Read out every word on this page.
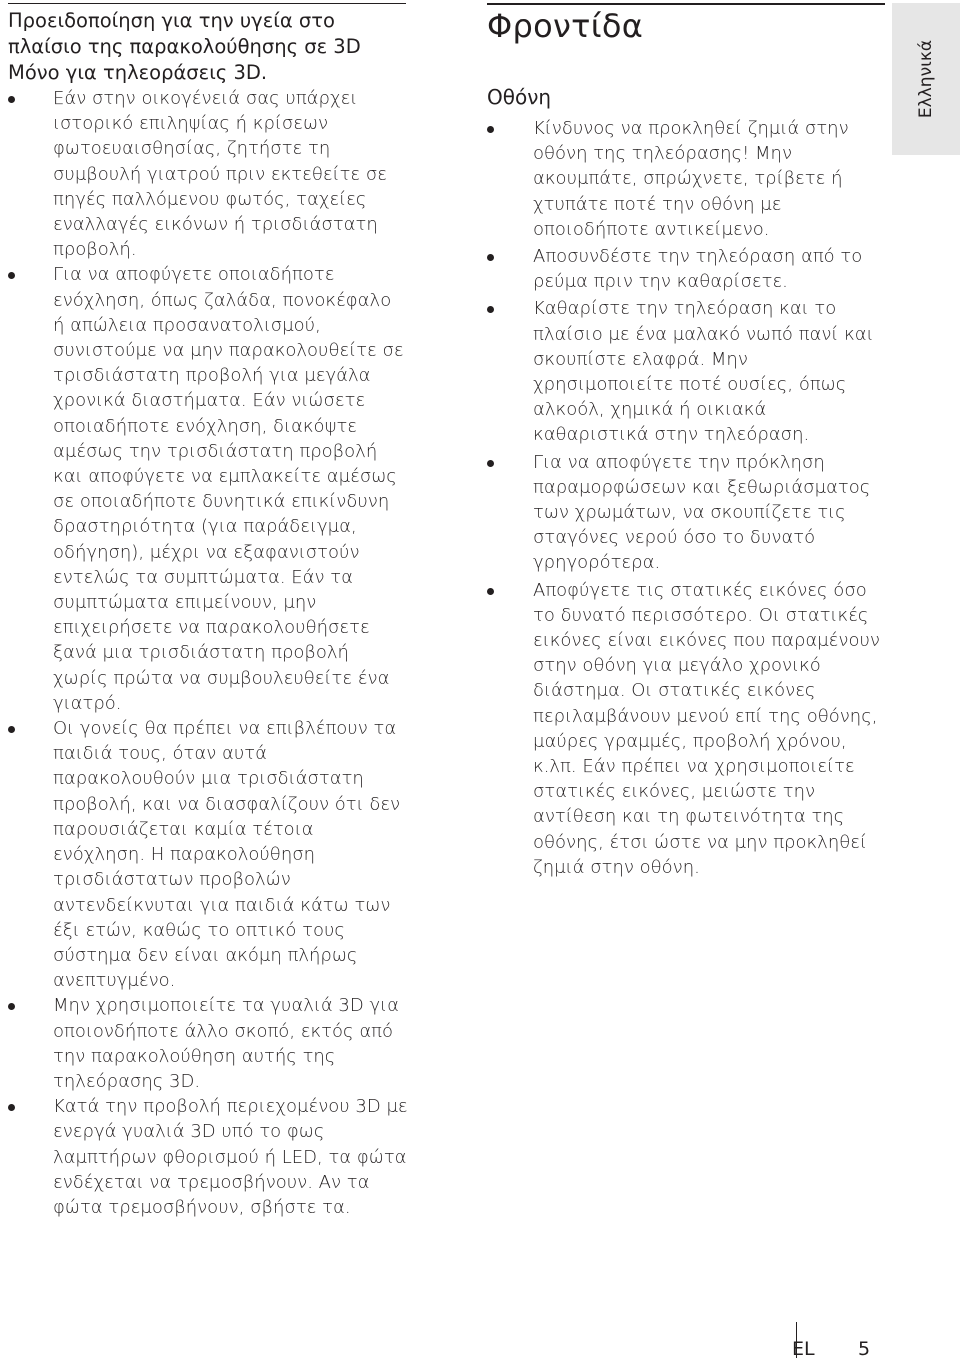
Προειδοποίηση για την υγεία στο πλαίσιο της παρακολούθησης σε 3D

Μόνο για τηλεοράσεις 3D.

Εάν στην οικογένειά σας υπάρχει ιστορικό επιληψίας ή κρίσεων φωτοευαισθησίας, ζητήστε τη συμβουλή γιατρού πριν εκτεθείτε σε πηγές παλλόμενου φωτός, ταχείες εναλλαγές εικόνων ή τρισδιάστατη προβολή.
Για να αποφύγετε οποιαδήποτε ενόχληση, όπως ζαλάδα, πονοκέφαλο ή απώλεια προσανατολισμού, συνιστούμε να μην παρακολουθείτε σε τρισδιάστατη προβολή για μεγάλα χρονικά διαστήματα. Εάν νιώσετε οποιαδήποτε ενόχληση, διακόψτε αμέσως την τρισδιάστατη προβολή και αποφύγετε να εμπλακείτε αμέσως σε οποιαδήποτε δυνητικά επικίνδυνη δραστηριότητα (για παράδειγμα, οδήγηση), μέχρι να εξαφανιστούν εντελώς τα συμπτώματα. Εάν τα συμπτώματα επιμείνουν, μην επιχειρήσετε να παρακολουθήσετε ξανά μια τρισδιάστατη προβολή χωρίς πρώτα να συμβουλευθείτε ένα γιατρό.
Οι γονείς θα πρέπει να επιβλέπουν τα παιδιά τους, όταν αυτά παρακολουθούν μια τρισδιάστατη προβολή, και να διασφαλίζουν ότι δεν παρουσιάζεται καμία τέτοια ενόχληση. Η παρακολούθηση τρισδιάστατων προβολών αντενδείκνυται για παιδιά κάτω των έξι ετών, καθώς το οπτικό τους σύστημα δεν είναι ακόμη πλήρως ανεπτυγμένο.
Μην χρησιμοποιείτε τα γυαλιά 3D για οποιονδήποτε άλλο σκοπό, εκτός από την παρακολούθηση αυτής της τηλεόρασης 3D.
Κατά την προβολή περιεχομένου 3D με ενεργά γυαλιά 3D υπό το φως λαμπτήρων φθορισμού ή LED, τα φώτα ενδέχεται να τρεμοσβήνουν. Αν τα φώτα τρεμοσβήνουν, σβήστε τα.
Φροντίδα
Οθόνη
Κίνδυνος να προκληθεί ζημιά στην οθόνη της τηλεόρασης! Μην ακουμπάτε, σπρώχνετε, τρίβετε ή χτυπάτε ποτέ την οθόνη με οποιοδήποτε αντικείμενο.
Αποσυνδέστε την τηλεόραση από το ρεύμα πριν την καθαρίσετε.
Καθαρίστε την τηλεόραση και το πλαίσιο με ένα μαλακό νωπό πανί και σκουπίστε ελαφρά. Μην χρησιμοποιείτε ποτέ ουσίες, όπως αλκοόλ, χημικά ή οικιακά καθαριστικά στην τηλεόραση.
Για να αποφύγετε την πρόκληση παραμορφώσεων και ξεθωριάσματος των χρωμάτων, να σκουπίζετε τις σταγόνες νερού όσο το δυνατό γρηγορότερα.
Αποφύγετε τις στατικές εικόνες όσο το δυνατό περισσότερο. Οι στατικές εικόνες είναι εικόνες που παραμένουν στην οθόνη για μεγάλο χρονικό διάστημα. Οι στατικές εικόνες περιλαμβάνουν μενού επί της οθόνης, μαύρες γραμμές, προβολή χρόνου, κ.λπ. Εάν πρέπει να χρησιμοποιείτε στατικές εικόνες, μειώστε την αντίθεση και τη φωτεινότητα της οθόνης, έτσι ώστε να μην προκληθεί ζημιά στην οθόνη.
Ελληνικά
EL 5
